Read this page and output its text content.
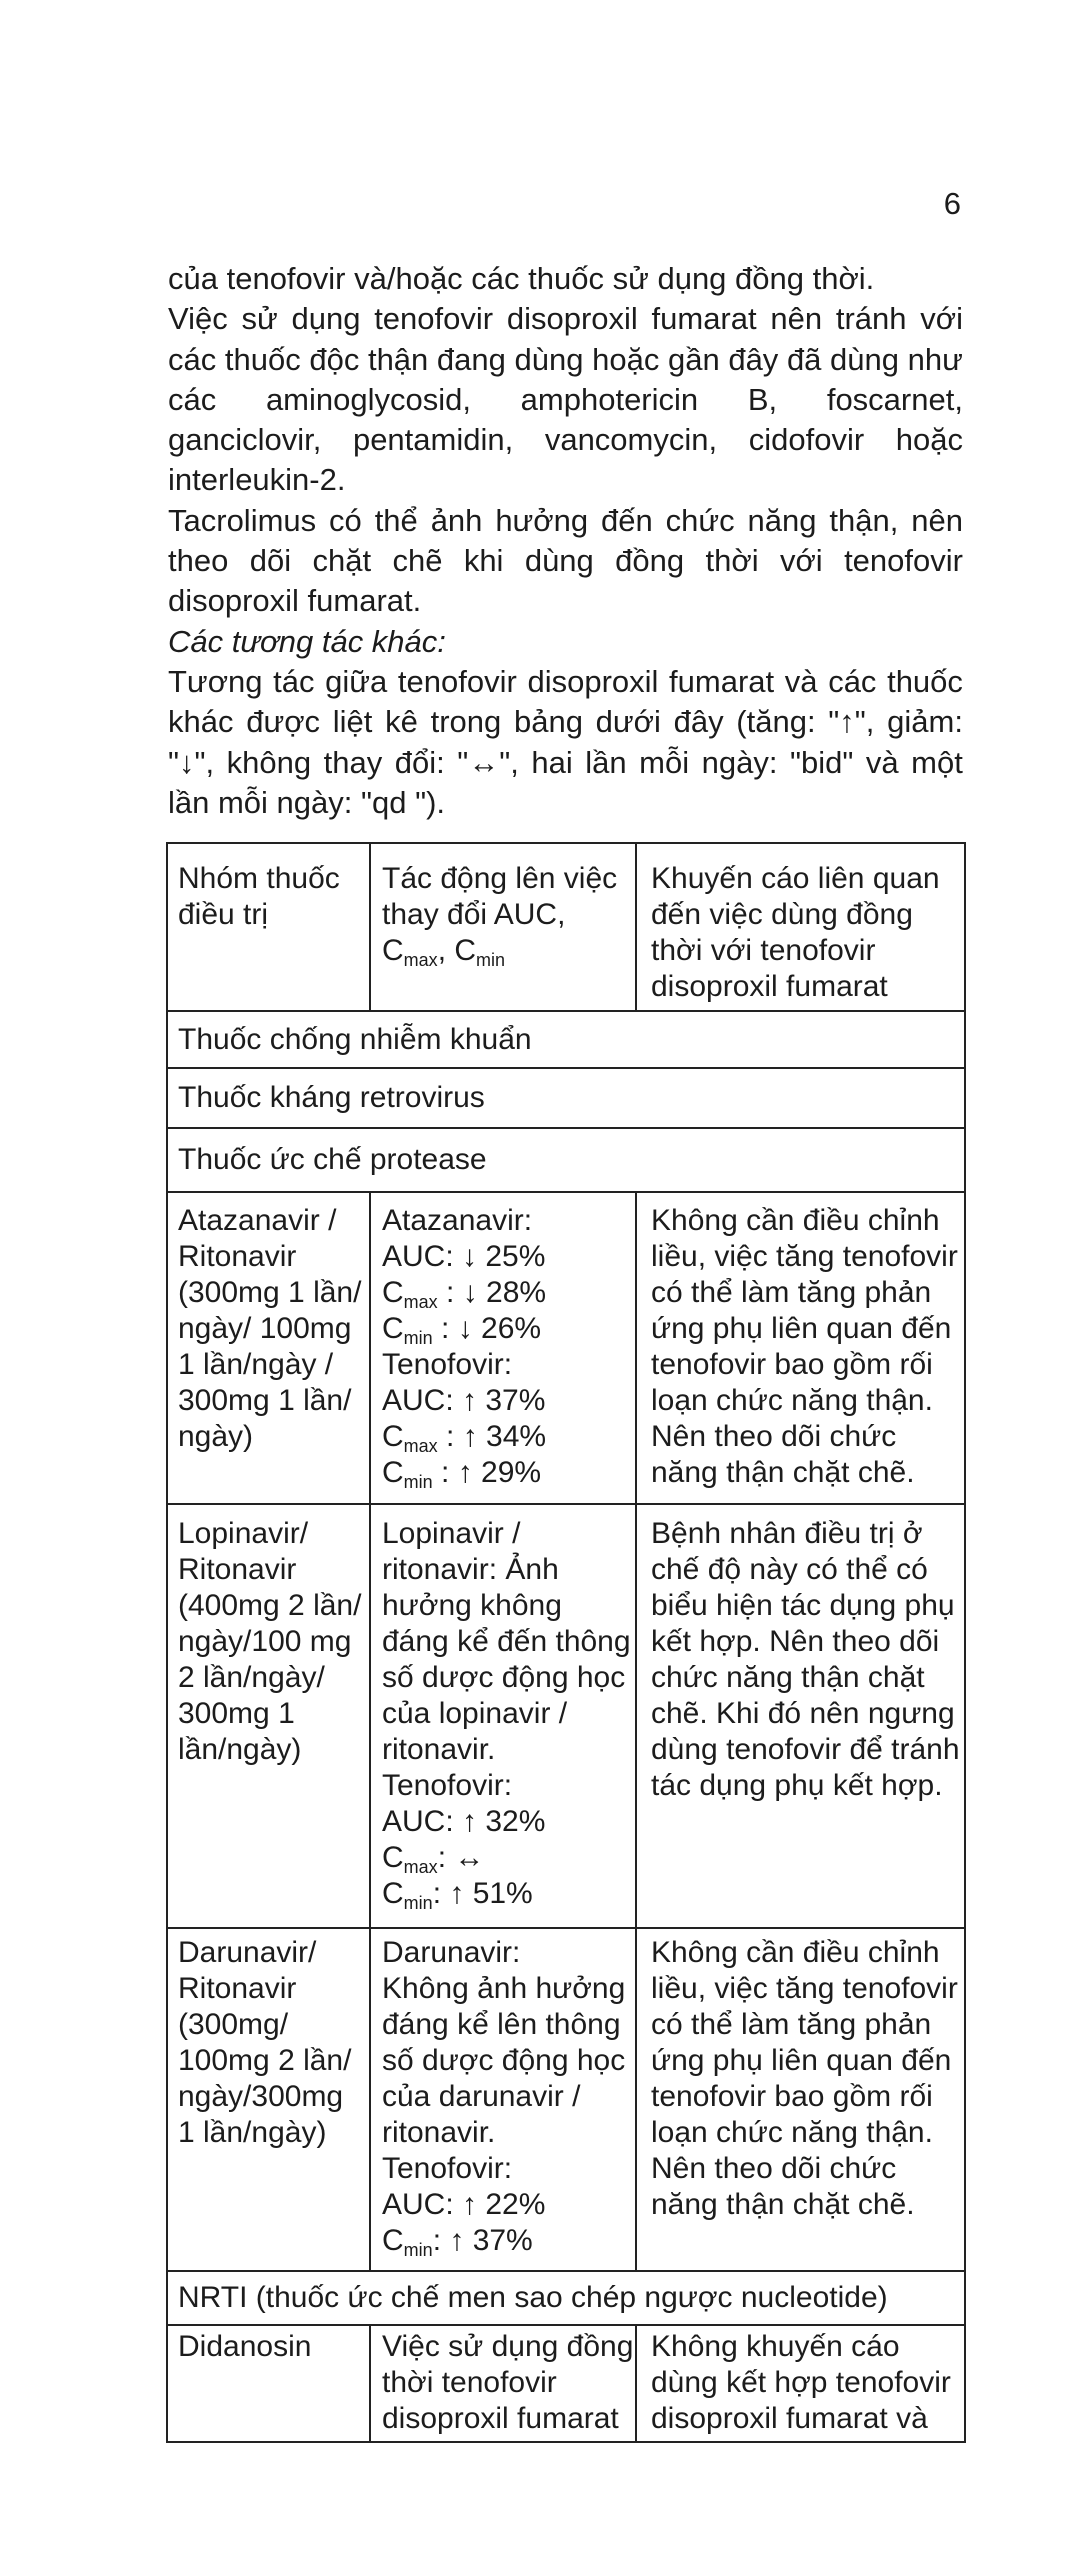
6
của tenofovir và/hoặc các thuốc sử dụng đồng thời.
Việc sử dụng tenofovir disoproxil fumarat nên tránh với
các thuốc độc thận đang dùng hoặc gần đây đã dùng như
các aminoglycosid, amphotericin B, foscarnet,
ganciclovir, pentamidin, vancomycin, cidofovir hoặc
interleukin-2.
Tacrolimus có thể ảnh hưởng đến chức năng thận, nên
theo dõi chặt chẽ khi dùng đồng thời với tenofovir
disoproxil fumarat.
Các tương tác khác:
Tương tác giữa tenofovir disoproxil fumarat và các thuốc
khác được liệt kê trong bảng dưới đây (tăng: "↑", giảm:
"↓", không thay đổi: "↔", hai lần mỗi ngày: "bid" và một
lần mỗi ngày: "qd ").
Nhóm thuốc
điều trị
Tác động lên việc
thay đổi AUC,
$C_{max}$, $C_{min}$
Khuyến cáo liên quan
đến việc dùng đồng
thời với tenofovir
disoproxil fumarat
Thuốc chống nhiễm khuẩn
Thuốc kháng retrovirus
Thuốc ức chế protease
Atazanavir /
Ritonavir
(300mg 1 lần/
ngày/ 100mg
1 lần/ngày /
300mg 1 lần/
ngày)
Atazanavir:
AUC: ↓ 25%
$C_{max}$ : ↓ 28%
$C_{min}$ : ↓ 26%
Tenofovir:
AUC: ↑ 37%
$C_{max}$ : ↑ 34%
$C_{min}$ : ↑ 29%
Không cần điều chỉnh
liều, việc tăng tenofovir
có thể làm tăng phản
ứng phụ liên quan đến
tenofovir bao gồm rối
loạn chức năng thận.
Nên theo dõi chức
năng thận chặt chẽ.
Lopinavir/
Ritonavir
(400mg 2 lần/
ngày/100 mg
2 lần/ngày/
300mg 1
lần/ngày)
Lopinavir /
ritonavir: Ảnh
hưởng không
đáng kể đến thông
số dược động học
của lopinavir /
ritonavir.
Tenofovir:
AUC: ↑ 32%
$C_{max}$: ↔
$C_{min}$: ↑ 51%
Bệnh nhân điều trị ở
chế độ này có thể có
biểu hiện tác dụng phụ
kết hợp. Nên theo dõi
chức năng thận chặt
chẽ. Khi đó nên ngưng
dùng tenofovir để tránh
tác dụng phụ kết hợp.
Darunavir/
Ritonavir
(300mg/
100mg 2 lần/
ngày/300mg
1 lần/ngày)
Darunavir:
Không ảnh hưởng
đáng kể lên thông
số dược động học
của darunavir /
ritonavir.
Tenofovir:
AUC: ↑ 22%
$C_{min}$: ↑ 37%
Không cần điều chỉnh
liều, việc tăng tenofovir
có thể làm tăng phản
ứng phụ liên quan đến
tenofovir bao gồm rối
loạn chức năng thận.
Nên theo dõi chức
năng thận chặt chẽ.
NRTI (thuốc ức chế men sao chép ngược nucleotide)
Didanosin	Việc sử dụng đồng
thời tenofovir
disoproxil fumarat
Không khuyến cáo
dùng kết hợp tenofovir
disoproxil fumarat và
